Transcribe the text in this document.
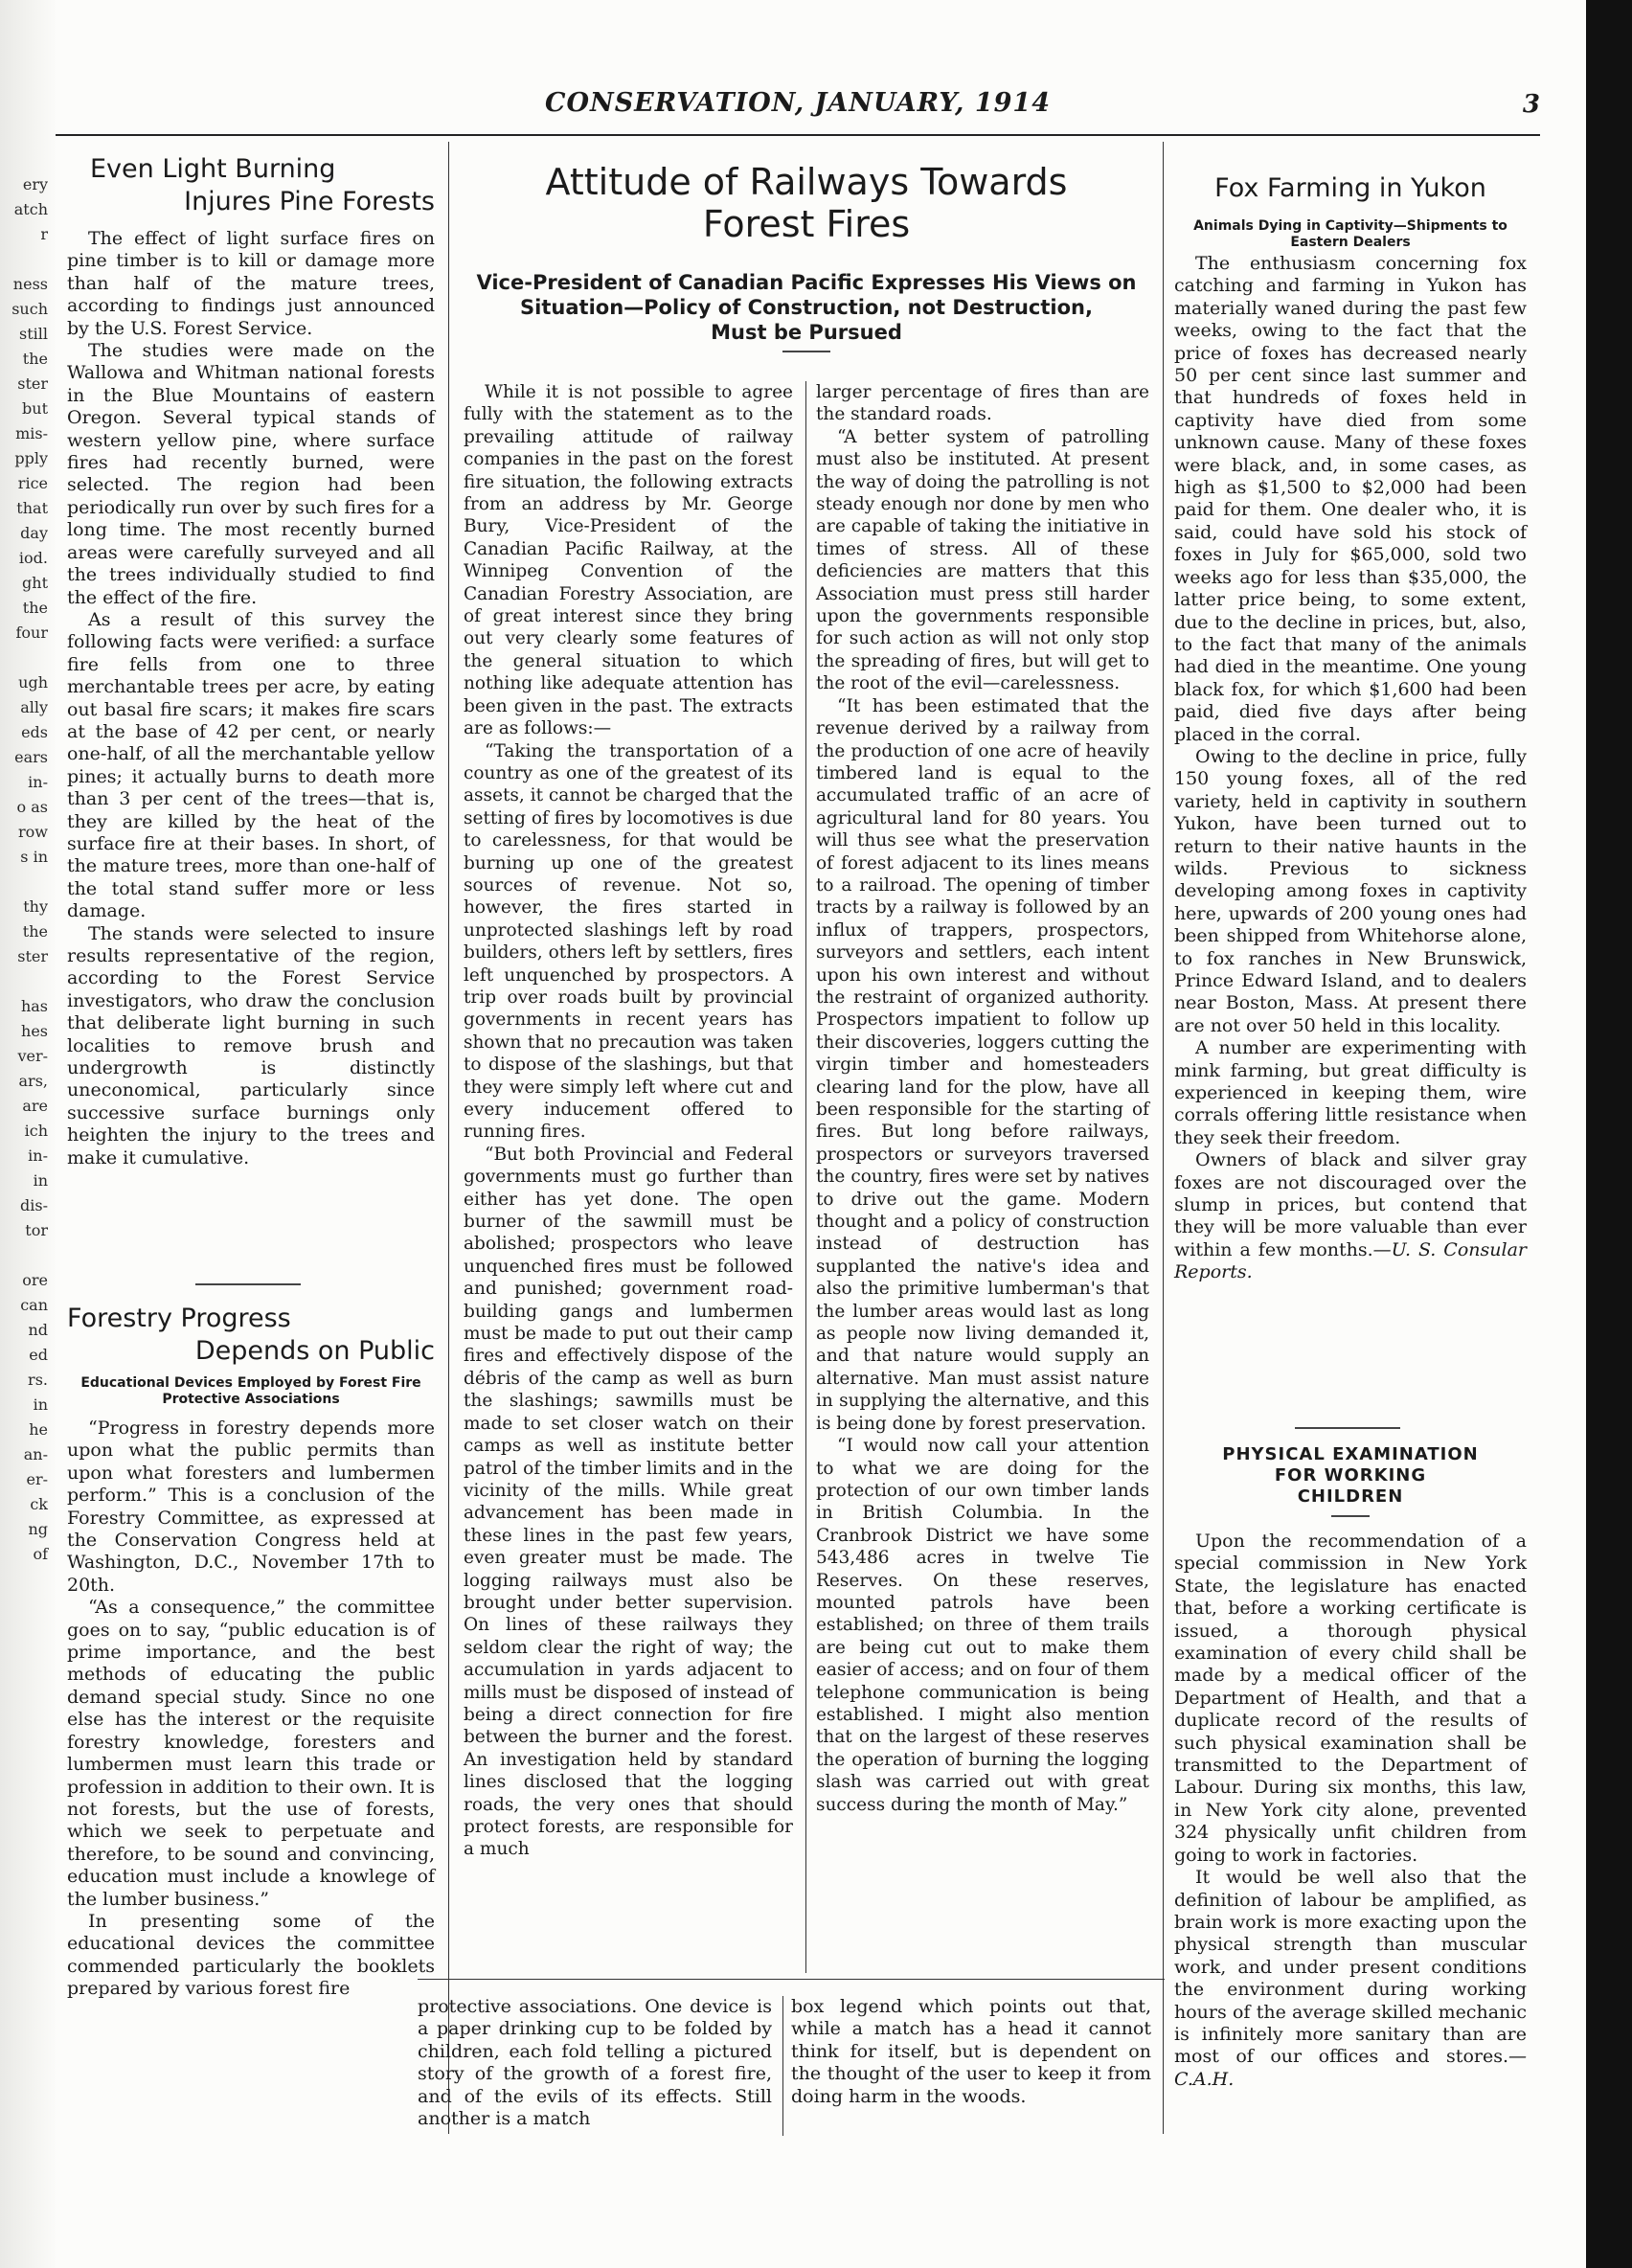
ery
atch
r

ness
such
still
the
ster
but
mis-
pply
rice
that
day
iod.
ght
the
four

ugh
ally
eds
ears
in-
o as
row
s in

thy
the
ster

has
hes
ver-
ars,
are
ich
in-
in
dis-
tor

ore
can
nd
ed
rs.
in
he
an-
er-
ck
ng
of
CONSERVATION, JANUARY, 1914	3
Even Light Burning
Injures Pine Forests

The effect of light surface fires on pine timber is to kill or damage more than half of the mature trees, according to findings just announced by the U.S. Forest Service.

The studies were made on the Wallowa and Whitman national forests in the Blue Mountains of eastern Oregon. Several typical stands of western yellow pine, where surface fires had recently burned, were selected. The region had been periodically run over by such fires for a long time. The most recently burned areas were carefully surveyed and all the trees individually studied to find the effect of the fire.

As a result of this survey the following facts were verified: a surface fire fells from one to three merchantable trees per acre, by eating out basal fire scars; it makes fire scars at the base of 42 per cent, or nearly one-half, of all the merchantable yellow pines; it actually burns to death more than 3 per cent of the trees—that is, they are killed by the heat of the surface fire at their bases. In short, of the mature trees, more than one-half of the total stand suffer more or less damage.

The stands were selected to insure results representative of the region, according to the Forest Service investigators, who draw the conclusion that deliberate light burning in such localities to remove brush and undergrowth is distinctly uneconomical, particularly since successive surface burnings only heighten the injury to the trees and make it cumulative.

Forestry Progress
Depends on Public
Educational Devices Employed by Forest Fire Protective Associations

“Progress in forestry depends more upon what the public permits than upon what foresters and lumbermen perform.” This is a conclusion of the Forestry Committee, as expressed at the Conservation Congress held at Washington, D.C., November 17th to 20th.

“As a consequence,” the committee goes on to say, “public education is of prime importance, and the best methods of educating the public demand special study. Since no one else has the interest or the requisite forestry knowledge, foresters and lumbermen must learn this trade or profession in addition to their own. It is not forests, but the use of forests, which we seek to perpetuate and therefore, to be sound and convincing, education must include a knowlege of the lumber business.”

In presenting some of the educational devices the committee commended particularly the booklets prepared by various forest fire

Attitude of Railways Towards
Forest Fires
Vice-President of Canadian Pacific Expresses His Views on
Situation—Policy of Construction, not Destruction,
Must be Pursued

While it is not possible to agree fully with the statement as to the prevailing attitude of railway companies in the past on the forest fire situation, the following extracts from an address by Mr. George Bury, Vice-President of the Canadian Pacific Railway, at the Winnipeg Convention of the Canadian Forestry Association, are of great interest since they bring out very clearly some features of the general situation to which nothing like adequate attention has been given in the past. The extracts are as follows:—

“Taking the transportation of a country as one of the greatest of its assets, it cannot be charged that the setting of fires by locomotives is due to carelessness, for that would be burning up one of the greatest sources of revenue. Not so, however, the fires started in unprotected slashings left by road builders, others left by settlers, fires left unquenched by prospectors. A trip over roads built by provincial governments in recent years has shown that no precaution was taken to dispose of the slashings, but that they were simply left where cut and every inducement offered to running fires.

“But both Provincial and Federal governments must go further than either has yet done. The open burner of the sawmill must be abolished; prospectors who leave unquenched fires must be followed and punished; government road-building gangs and lumbermen must be made to put out their camp fires and effectively dispose of the débris of the camp as well as burn the slashings; sawmills must be made to set closer watch on their camps as well as institute better patrol of the timber limits and in the vicinity of the mills. While great advancement has been made in these lines in the past few years, even greater must be made. The logging railways must also be brought under better supervision. On lines of these railways they seldom clear the right of way; the accumulation in yards adjacent to mills must be disposed of instead of being a direct connection for fire between the burner and the forest. An investigation held by standard lines disclosed that the logging roads, the very ones that should protect forests, are responsible for a much

larger percentage of fires than are the standard roads.

“A better system of patrolling must also be instituted. At present the way of doing the patrolling is not steady enough nor done by men who are capable of taking the initiative in times of stress. All of these deficiencies are matters that this Association must press still harder upon the governments responsible for such action as will not only stop the spreading of fires, but will get to the root of the evil—carelessness.

“It has been estimated that the revenue derived by a railway from the production of one acre of heavily timbered land is equal to the accumulated traffic of an acre of agricultural land for 80 years. You will thus see what the preservation of forest adjacent to its lines means to a railroad. The opening of timber tracts by a railway is followed by an influx of trappers, prospectors, surveyors and settlers, each intent upon his own interest and without the restraint of organized authority. Prospectors impatient to follow up their discoveries, loggers cutting the virgin timber and homesteaders clearing land for the plow, have all been responsible for the starting of fires. But long before railways, prospectors or surveyors traversed the country, fires were set by natives to drive out the game. Modern thought and a policy of construction instead of destruction has supplanted the native's idea and also the primitive lumberman's that the lumber areas would last as long as people now living demanded it, and that nature would supply an alternative. Man must assist nature in supplying the alternative, and this is being done by forest preservation.

“I would now call your attention to what we are doing for the protection of our own timber lands in British Columbia. In the Cranbrook District we have some 543,486 acres in twelve Tie Reserves. On these reserves, mounted patrols have been established; on three of them trails are being cut out to make them easier of access; and on four of them telephone communication is being established. I might also mention that on the largest of these reserves the operation of burning the logging slash was carried out with great success during the month of May.”

protective associations. One device is a paper drinking cup to be folded by children, each fold telling a pictured story of the growth of a forest fire, and of the evils of its effects. Still another is a match

box legend which points out that, while a match has a head it cannot think for itself, but is dependent on the thought of the user to keep it from doing harm in the woods.

Fox Farming in Yukon
Animals Dying in Captivity—Shipments to Eastern Dealers

The enthusiasm concerning fox catching and farming in Yukon has materially waned during the past few weeks, owing to the fact that the price of foxes has decreased nearly 50 per cent since last summer and that hundreds of foxes held in captivity have died from some unknown cause. Many of these foxes were black, and, in some cases, as high as $1,500 to $2,000 had been paid for them. One dealer who, it is said, could have sold his stock of foxes in July for $65,000, sold two weeks ago for less than $35,000, the latter price being, to some extent, due to the decline in prices, but, also, to the fact that many of the animals had died in the meantime. One young black fox, for which $1,600 had been paid, died five days after being placed in the corral.

Owing to the decline in price, fully 150 young foxes, all of the red variety, held in captivity in southern Yukon, have been turned out to return to their native haunts in the wilds. Previous to sickness developing among foxes in captivity here, upwards of 200 young ones had been shipped from Whitehorse alone, to fox ranches in New Brunswick, Prince Edward Island, and to dealers near Boston, Mass. At present there are not over 50 held in this locality.

A number are experimenting with mink farming, but great difficulty is experienced in keeping them, wire corrals offering little resistance when they seek their freedom.

Owners of black and silver gray foxes are not discouraged over the slump in prices, but contend that they will be more valuable than ever within a few months.—U. S. Consular Reports.

PHYSICAL EXAMINATION
FOR WORKING
CHILDREN

Upon the recommendation of a special commission in New York State, the legislature has enacted that, before a working certificate is issued, a thorough physical examination of every child shall be made by a medical officer of the Department of Health, and that a duplicate record of the results of such physical examination shall be transmitted to the Department of Labour. During six months, this law, in New York city alone, prevented 324 physically unfit children from going to work in factories.

It would be well also that the definition of labour be amplified, as brain work is more exacting upon the physical strength than muscular work, and under present conditions the environment during working hours of the average skilled mechanic is infinitely more sanitary than are most of our offices and stores.—C.A.H.
